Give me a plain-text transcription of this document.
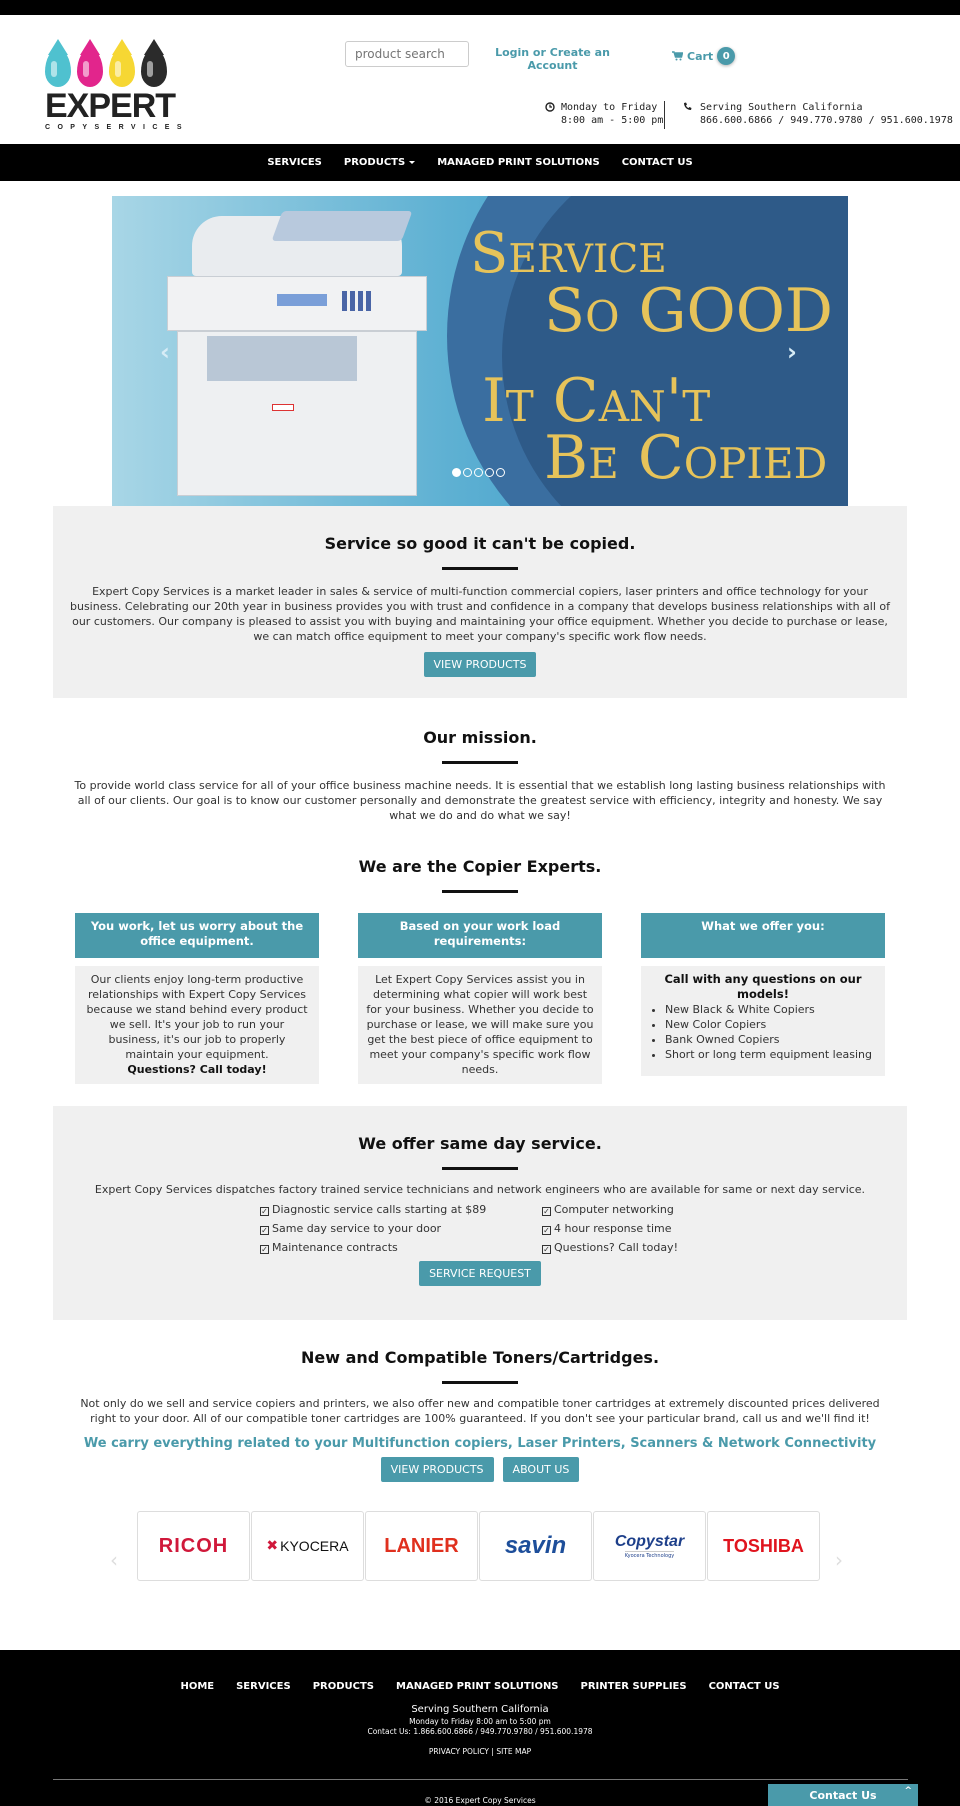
EXPERT
COPYSERVICES
product search
Login or Create an Account
Cart 0
Monday to Friday
8:00 am - 5:00 pm
Serving Southern California
866.600.6866 / 949.770.9780 / 951.600.1978
SERVICES	PRODUCTS	MANAGED PRINT SOLUTIONS	CONTACT US
Service
So GOOD
It Can't
Be Copied
‹	›
Service so good it can't be copied.

Expert Copy Services is a market leader in sales & service of multi-function commercial copiers, laser printers and office technology for your business. Celebrating our 20th year in business provides you with trust and confidence in a company that develops business relationships with all of our customers. Our company is pleased to assist you with buying and maintaining your office equipment. Whether you decide to purchase or lease, we can match office equipment to meet your company's specific work flow needs.

VIEW PRODUCTS
Our mission.

To provide world class service for all of your office business machine needs. It is essential that we establish long lasting business relationships with all of our clients. Our goal is to know our customer personally and demonstrate the greatest service with efficiency, integrity and honesty. We say what we do and do what we say!

We are the Copier Experts.
You work, let us worry about the office equipment.
Our clients enjoy long-term productive relationships with Expert Copy Services because we stand behind every product we sell. It's your job to run your business, it's our job to properly maintain your equipment.
Questions? Call today!
Based on your work load requirements:
Let Expert Copy Services assist you in determining what copier will work best for your business. Whether you decide to purchase or lease, we will make sure you get the best piece of office equipment to meet your company's specific work flow needs.
What we offer you:
Call with any questions on our models!
• New Black & White Copiers
• New Color Copiers
• Bank Owned Copiers
• Short or long term equipment leasing
We offer same day service.

Expert Copy Services dispatches factory trained service technicians and network engineers who are available for same or next day service.

✓ Diagnostic service calls starting at $89	✓ Computer networking
✓ Same day service to your door	✓ 4 hour response time
✓ Maintenance contracts	✓ Questions? Call today!
SERVICE REQUEST
New and Compatible Toners/Cartridges.

Not only do we sell and service copiers and printers, we also offer new and compatible toner cartridges at extremely discounted prices delivered right to your door. All of our compatible toner cartridges are 100% guaranteed. If you don't see your particular brand, call us and we'll find it!

We carry everything related to your Multifunction copiers, Laser Printers, Scanners & Network Connectivity
VIEW PRODUCTS	ABOUT US
‹
RICOH	✖ KYOCERA LANIER savin	Copystar
Kyocera Technology
TOSHIBA
›
HOME	SERVICES	PRODUCTS	MANAGED PRINT SOLUTIONS	PRINTER SUPPLIES	CONTACT US
Serving Southern California
Monday to Friday 8:00 am to 5:00 pm
Contact Us: 1.866.600.6866 / 949.770.9780 / 951.600.1978
PRIVACY POLICY | SITE MAP
© 2016 Expert Copy Services	Contact Us	^
